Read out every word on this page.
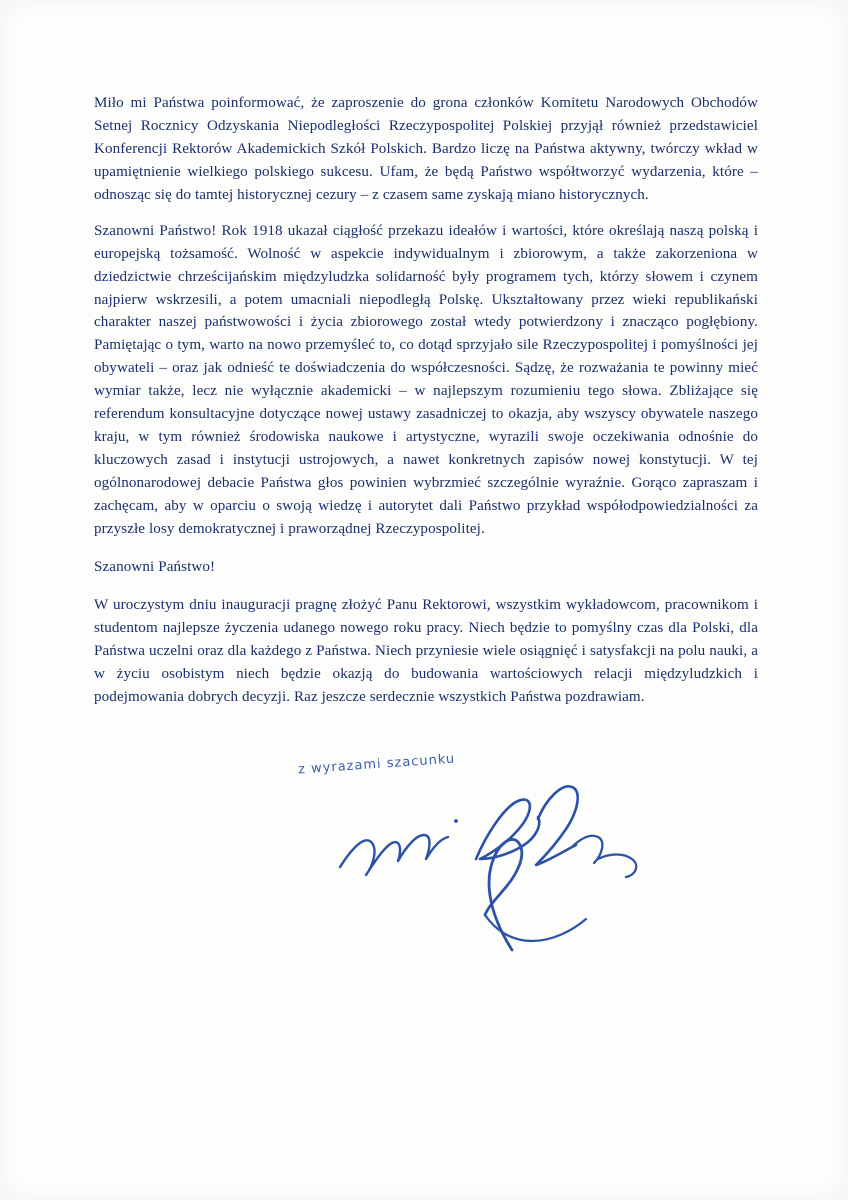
Miło mi Państwa poinformować, że zaproszenie do grona członków Komitetu Narodowych Obchodów Setnej Rocznicy Odzyskania Niepodległości Rzeczypospolitej Polskiej przyjął również przedstawiciel Konferencji Rektorów Akademickich Szkół Polskich. Bardzo liczę na Państwa aktywny, twórczy wkład w upamiętnienie wielkiego polskiego sukcesu. Ufam, że będą Państwo współtworzyć wydarzenia, które – odnosząc się do tamtej historycznej cezury – z czasem same zyskają miano historycznych.

Szanowni Państwo! Rok 1918 ukazał ciągłość przekazu ideałów i wartości, które określają naszą polską i europejską tożsamość. Wolność w aspekcie indywidualnym i zbiorowym, a także zakorzeniona w dziedzictwie chrześcijańskim międzyludzka solidarność były programem tych, którzy słowem i czynem najpierw wskrzesili, a potem umacniali niepodległą Polskę. Ukształtowany przez wieki republikański charakter naszej państwowości i życia zbiorowego został wtedy potwierdzony i znacząco pogłębiony. Pamiętając o tym, warto na nowo przemyśleć to, co dotąd sprzyjało sile Rzeczypospolitej i pomyślności jej obywateli – oraz jak odnieść te doświadczenia do współczesności. Sądzę, że rozważania te powinny mieć wymiar także, lecz nie wyłącznie akademicki – w najlepszym rozumieniu tego słowa. Zbliżające się referendum konsultacyjne dotyczące nowej ustawy zasadniczej to okazja, aby wszyscy obywatele naszego kraju, w tym również środowiska naukowe i artystyczne, wyrazili swoje oczekiwania odnośnie do kluczowych zasad i instytucji ustrojowych, a nawet konkretnych zapisów nowej konstytucji. W tej ogólnonarodowej debacie Państwa głos powinien wybrzmieć szczególnie wyraźnie. Gorąco zapraszam i zachęcam, aby w oparciu o swoją wiedzę i autorytet dali Państwo przykład współodpowiedzialności za przyszłe losy demokratycznej i praworządnej Rzeczypospolitej.

Szanowni Państwo!

W uroczystym dniu inauguracji pragnę złożyć Panu Rektorowi, wszystkim wykładowcom, pracownikom i studentom najlepsze życzenia udanego nowego roku pracy. Niech będzie to pomyślny czas dla Polski, dla Państwa uczelni oraz dla każdego z Państwa. Niech przyniesie wiele osiągnięć i satysfakcji na polu nauki, a w życiu osobistym niech będzie okazją do budowania wartościowych relacji międzyludzkich i podejmowania dobrych decyzji. Raz jeszcze serdecznie wszystkich Państwa pozdrawiam.

z wyrazami szacunku
